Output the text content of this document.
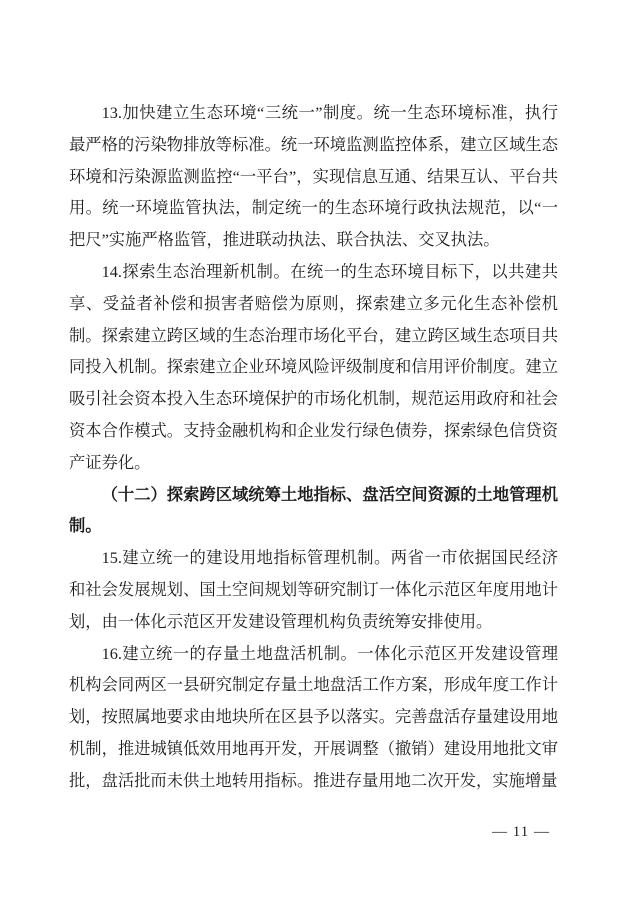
13.加快建立生态环境“三统一”制度。统一生态环境标准，执行最严格的污染物排放等标准。统一环境监测监控体系，建立区域生态环境和污染源监测监控“一平台”，实现信息互通、结果互认、平台共用。统一环境监管执法，制定统一的生态环境行政执法规范，以“一把尺”实施严格监管，推进联动执法、联合执法、交叉执法。

14.探索生态治理新机制。在统一的生态环境目标下，以共建共享、受益者补偿和损害者赔偿为原则，探索建立多元化生态补偿机制。探索建立跨区域的生态治理市场化平台，建立跨区域生态项目共同投入机制。探索建立企业环境风险评级制度和信用评价制度。建立吸引社会资本投入生态环境保护的市场化机制，规范运用政府和社会资本合作模式。支持金融机构和企业发行绿色债券，探索绿色信贷资产证券化。

（十二）探索跨区域统筹土地指标、盘活空间资源的土地管理机制。

15.建立统一的建设用地指标管理机制。两省一市依据国民经济和社会发展规划、国土空间规划等研究制订一体化示范区年度用地计划，由一体化示范区开发建设管理机构负责统筹安排使用。

16.建立统一的存量土地盘活机制。一体化示范区开发建设管理机构会同两区一县研究制定存量土地盘活工作方案，形成年度工作计划，按照属地要求由地块所在区县予以落实。完善盘活存量建设用地机制，推进城镇低效用地再开发，开展调整（撤销）建设用地批文审批，盘活批而未供土地转用指标。推进存量用地二次开发，实施增量

— 11 —
